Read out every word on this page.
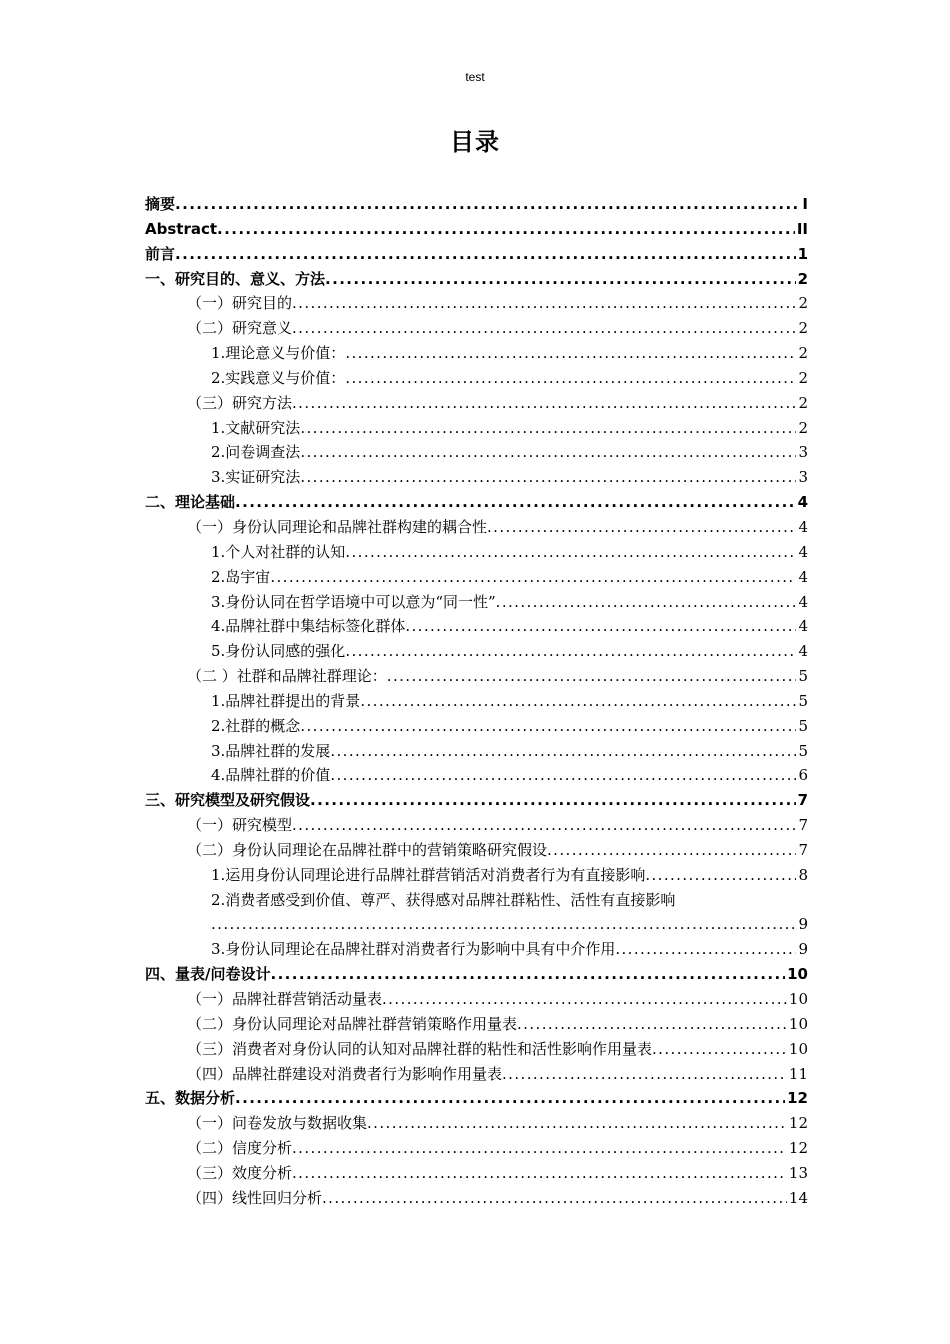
test
目录
摘要 .....	I
Abstract .....	II
前言 .....	1
一、研究目的、意义、方法 .....	2
（一）研究目的 .....	2
（二）研究意义 .....	2
1.理论意义与价值： .....	2
2.实践意义与价值： .....	2
（三）研究方法 .....	2
1.文献研究法 .....	2
2.问卷调查法 .....	3
3.实证研究法 .....	3
二、理论基础 .....	4
（一）身份认同理论和品牌社群构建的耦合性 .....	4
1.个人对社群的认知 .....	4
2.岛宇宙 .....	4
3.身份认同在哲学语境中可以意为“同一性” .....	4
4.品牌社群中集结标签化群体 .....	4
5.身份认同感的强化 .....	4
（二 ）社群和品牌社群理论： .....	5
1.品牌社群提出的背景 .....	5
2.社群的概念 .....	5
3.品牌社群的发展 .....	5
4.品牌社群的价值 .....	6
三、研究模型及研究假设 .....	7
（一）研究模型 .....	7
（二）身份认同理论在品牌社群中的营销策略研究假设 .....	7
1.运用身份认同理论进行品牌社群营销活对消费者行为有直接影响 .....	8
2.消费者感受到价值、尊严、获得感对品牌社群粘性、活性有直接影响
.....
9
3.身份认同理论在品牌社群对消费者行为影响中具有中介作用 .....	9
四、量表/问卷设计 .....	10
（一）品牌社群营销活动量表 .....	10
（二）身份认同理论对品牌社群营销策略作用量表 .....	10
（三）消费者对身份认同的认知对品牌社群的粘性和活性影响作用量表 .....	10
（四）品牌社群建设对消费者行为影响作用量表 .....	11
五、数据分析 .....	12
（一）问卷发放与数据收集 .....	12
（二）信度分析 .....	12
（三）效度分析 .....	13
（四）线性回归分析 .....	14
